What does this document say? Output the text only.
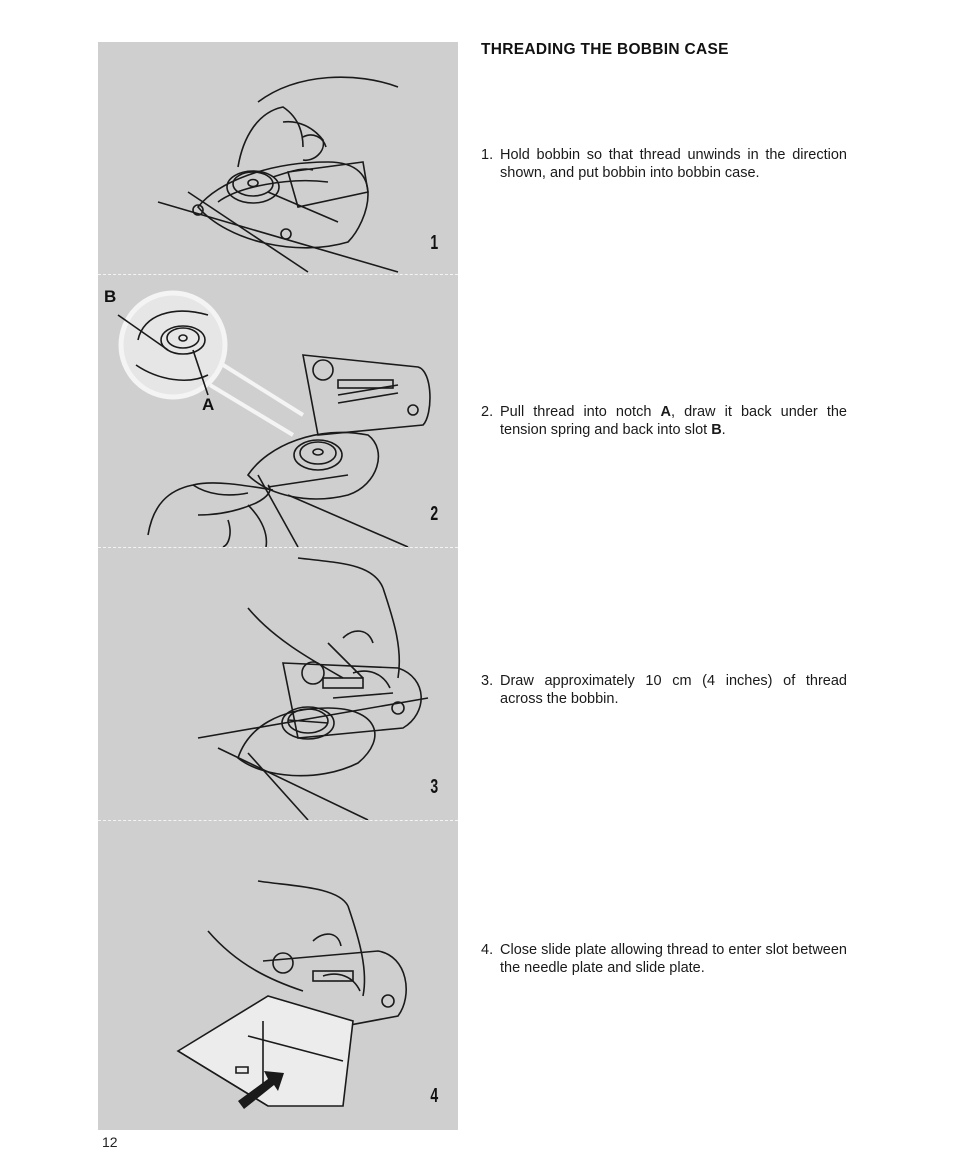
1
B
A
2
3
4
THREADING THE BOBBIN CASE

1. Hold bobbin so that thread unwinds in the direction shown, and put bobbin into bobbin case.

2. Pull thread into notch A, draw it back under the tension spring and back into slot B.

3. Draw approximately 10 cm (4 inches) of thread across the bobbin.

4. Close slide plate allowing thread to enter slot between the needle plate and slide plate.

12
